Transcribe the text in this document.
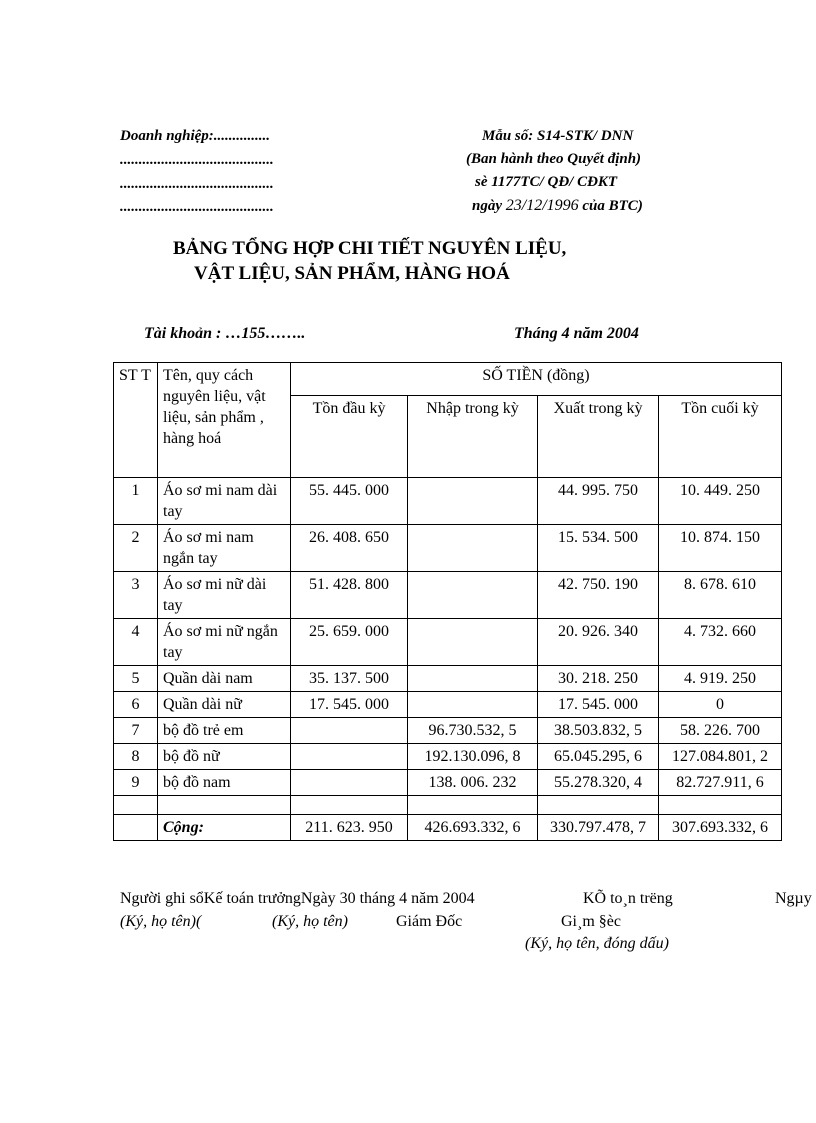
Doanh nghiệp:...............
.........................................
.........................................
.........................................
Mẫu số: S14-STK/ DNN
(Ban hành theo Quyết định)
sè 1177TC/ QĐ/ CĐKT
ngày 23/12/1996 của BTC)
BẢNG TỔNG HỢP CHI TIẾT NGUYÊN LIỆU,
VẬT LIỆU, SẢN PHẨM, HÀNG HOÁ
Tài khoản : …155……..	Tháng 4 năm 2004
ST T	Tên, quy cách nguyên liệu, vật liệu, sản phẩm , hàng hoá	SỐ TIỀN (đồng)			
		Tồn đầu kỳ	Nhập trong kỳ	Xuất trong kỳ	Tồn cuối kỳ
1	Áo sơ mi nam dài tay	55. 445. 000		44. 995. 750	10. 449. 250
2	Áo sơ mi nam ngắn tay	26. 408. 650		15. 534. 500	10. 874. 150
3	Áo sơ mi nữ dài tay	51. 428. 800		42. 750. 190	8. 678. 610
4	Áo sơ mi nữ ngắn tay	25. 659. 000		20. 926. 340	4. 732. 660
5	Quần dài nam	35. 137. 500		30. 218. 250	4. 919. 250
6	Quần dài nữ	17. 545. 000		17. 545. 000	0
7	bộ đồ trẻ em		96.730.532, 5	38.503.832, 5	58. 226. 700
8	bộ đồ nữ		192.130.096, 8	65.045.295, 6	127.084.801, 2
9	bộ đồ nam		138. 006. 232	55.278.320, 4	82.727.911, 6

	Cộng:	211. 623. 950	426.693.332, 6	330.797.478, 7	307.693.332, 6
Người ghi sổKế toán trưởngNgày 30 tháng 4 năm 2004	KÕ to¸n trëng	Ngµy
(Ký, họ tên)(	(Ký, họ tên)	Giám Đốc	Gi¸m §èc
(Ký, họ tên, đóng dấu)
